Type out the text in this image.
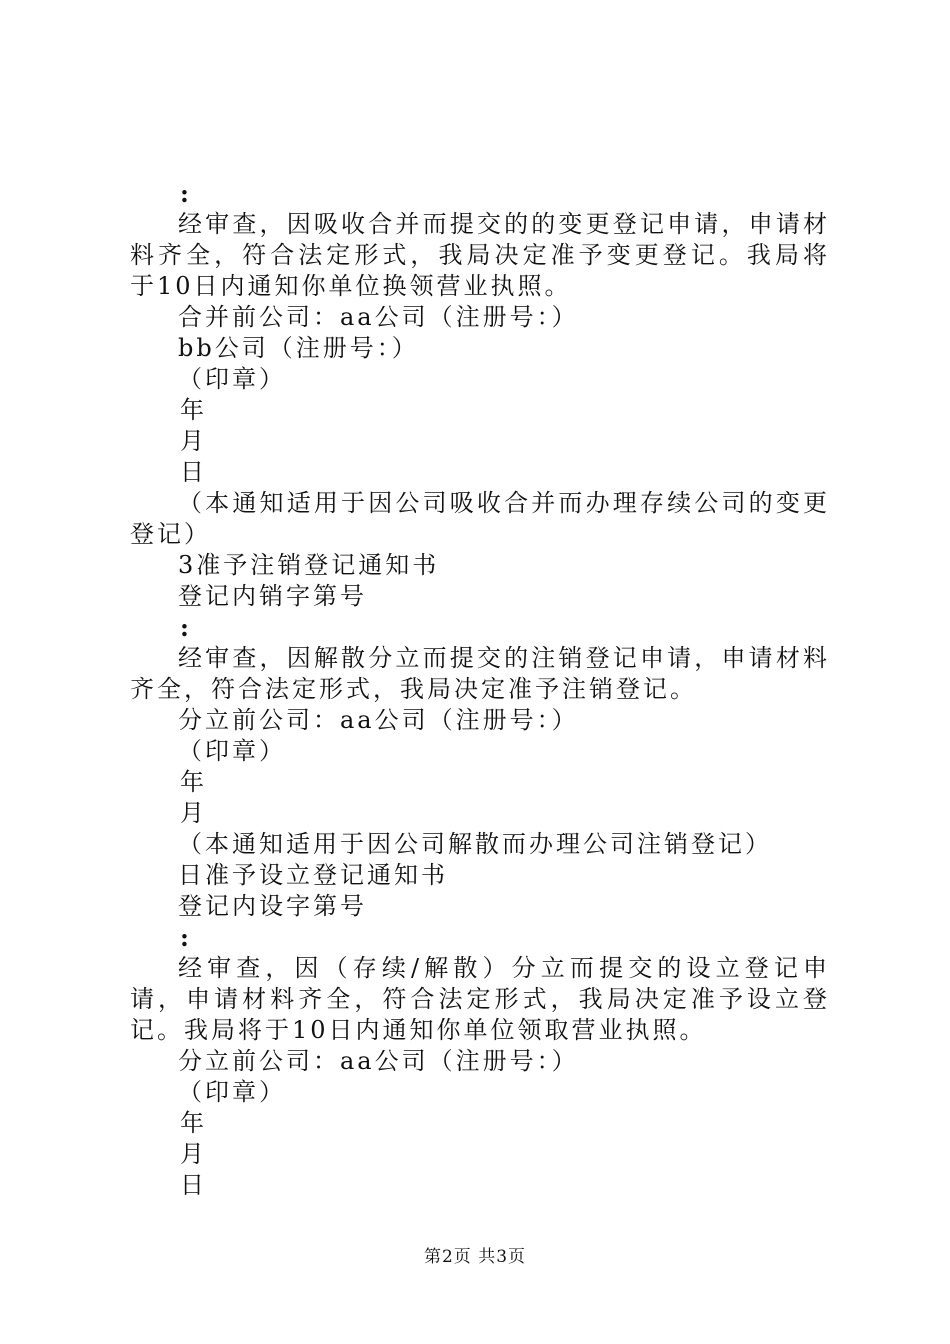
:
经审查，因吸收合并而提交的的变更登记申请，申请材料齐全，符合法定形式，我局决定准予变更登记。我局将于10日内通知你单位换领营业执照。
合并前公司：aa公司（注册号：）
bb公司（注册号：）
（印章）
年
月
日
（本通知适用于因公司吸收合并而办理存续公司的变更登记）
3准予注销登记通知书
登记内销字第号
:
经审查，因解散分立而提交的注销登记申请，申请材料齐全，符合法定形式，我局决定准予注销登记。
分立前公司：aa公司（注册号：）
（印章）
年
月
（本通知适用于因公司解散而办理公司注销登记）
日准予设立登记通知书
登记内设字第号
:
经审查，因（存续/解散）分立而提交的设立登记申请，申请材料齐全，符合法定形式，我局决定准予设立登记。我局将于10日内通知你单位领取营业执照。
分立前公司：aa公司（注册号：）
（印章）
年
月
日
第2页 共3页
